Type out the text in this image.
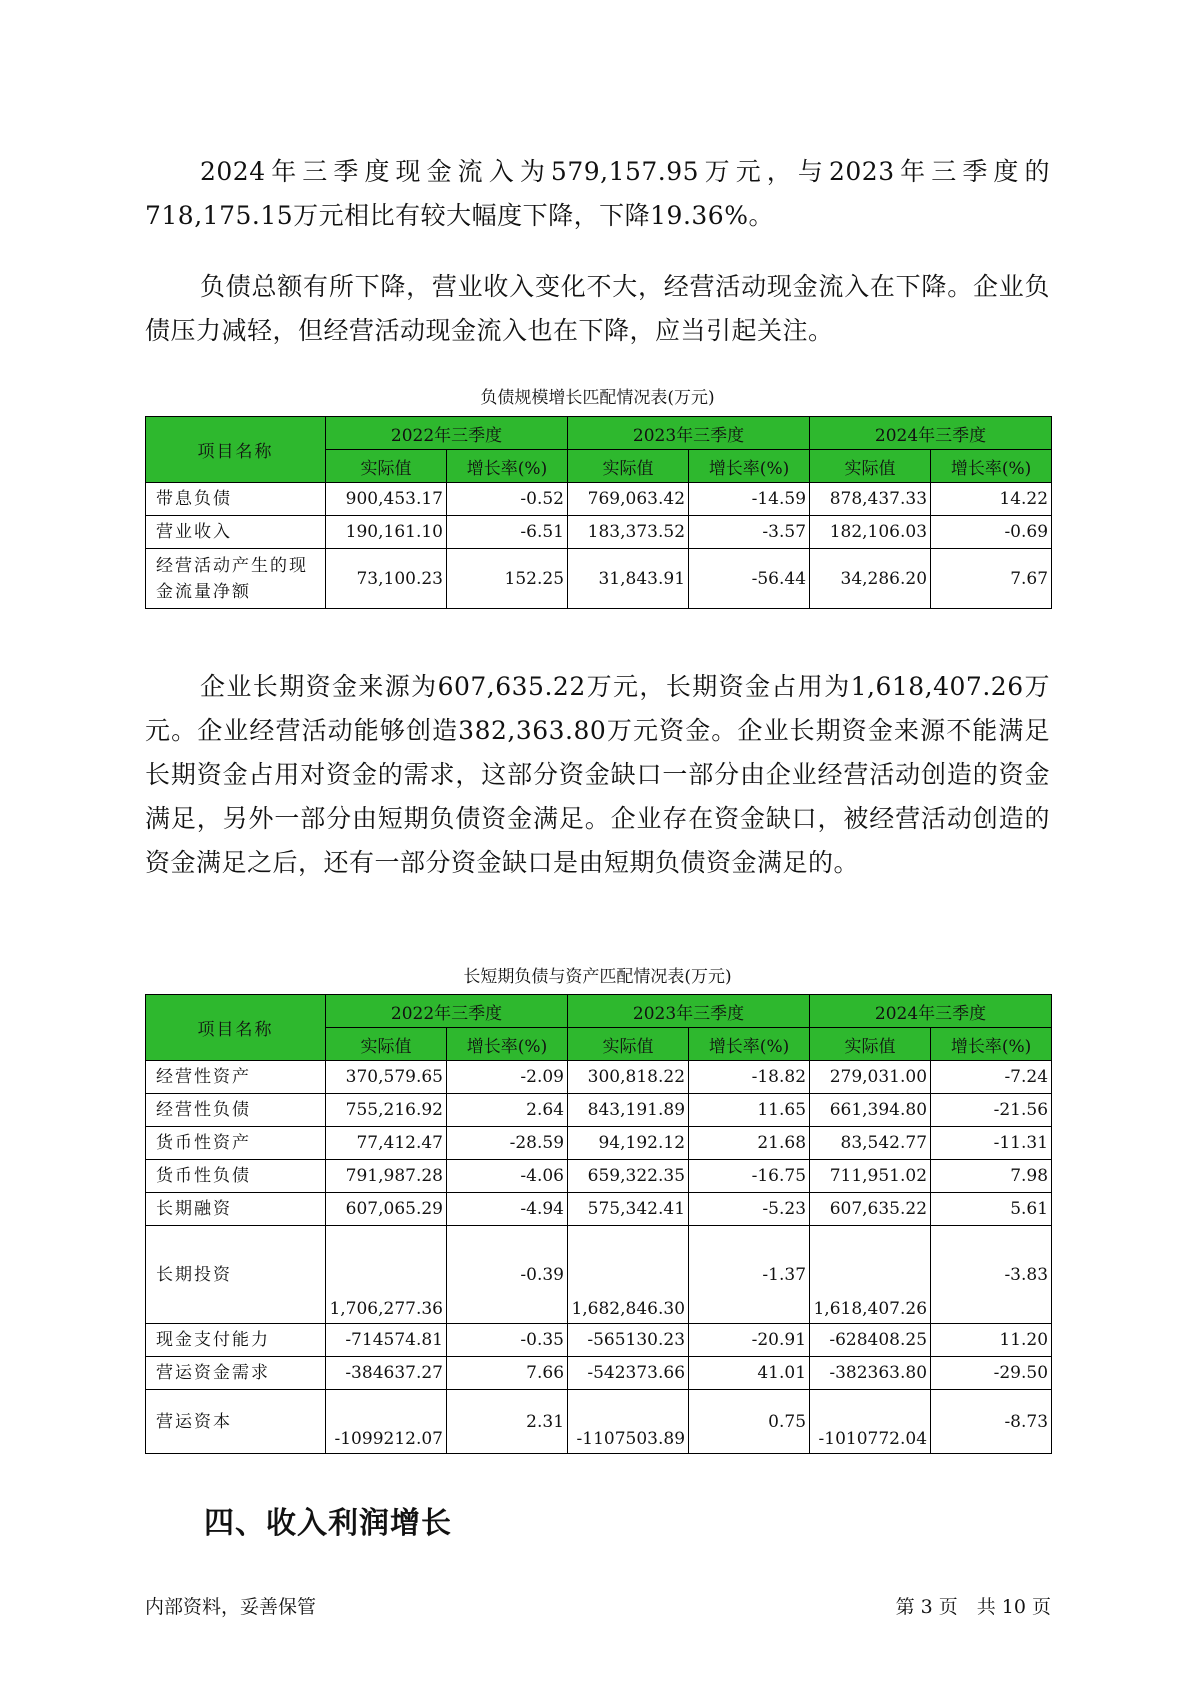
2024年三季度现金流入为579,157.95万元，与2023年三季度的718,175.15万元相比有较大幅度下降，下降19.36%。

负债总额有所下降，营业收入变化不大，经营活动现金流入在下降。企业负债压力减轻，但经营活动现金流入也在下降，应当引起关注。

负债规模增长匹配情况表(万元)
项目名称	2022年三季度		2023年三季度		2024年三季度	
	实际值	增长率(%)	实际值	增长率(%)	实际值	增长率(%)
带息负债	900,453.17	-0.52	769,063.42	-14.59	878,437.33	14.22
营业收入	190,161.10	-6.51	183,373.52	-3.57	182,106.03	-0.69
经营活动产生的现金流量净额	73,100.23	152.25	31,843.91	-56.44	34,286.20	7.67

企业长期资金来源为607,635.22万元，长期资金占用为1,618,407.26万元。企业经营活动能够创造382,363.80万元资金。企业长期资金来源不能满足长期资金占用对资金的需求，这部分资金缺口一部分由企业经营活动创造的资金满足，另外一部分由短期负债资金满足。企业存在资金缺口，被经营活动创造的资金满足之后，还有一部分资金缺口是由短期负债资金满足的。

长短期负债与资产匹配情况表(万元)
项目名称	2022年三季度		2023年三季度		2024年三季度	
	实际值	增长率(%)	实际值	增长率(%)	实际值	增长率(%)
经营性资产	370,579.65	-2.09	300,818.22	-18.82	279,031.00	-7.24
经营性负债	755,216.92	2.64	843,191.89	11.65	661,394.80	-21.56
货币性资产	77,412.47	-28.59	94,192.12	21.68	83,542.77	-11.31
货币性负债	791,987.28	-4.06	659,322.35	-16.75	711,951.02	7.98
长期融资	607,065.29	-4.94	575,342.41	-5.23	607,635.22	5.61
长期投资	1,706,277.36	-0.39	1,682,846.30	-1.37	1,618,407.26	-3.83
现金支付能力	-714574.81	-0.35	-565130.23	-20.91	-628408.25	11.20
营运资金需求	-384637.27	7.66	-542373.66	41.01	-382363.80	-29.50
营运资本	-1099212.07	2.31	-1107503.89	0.75	-1010772.04	-8.73
四、收入利润增长
内部资料，妥善保管	第 3 页　共 10 页
